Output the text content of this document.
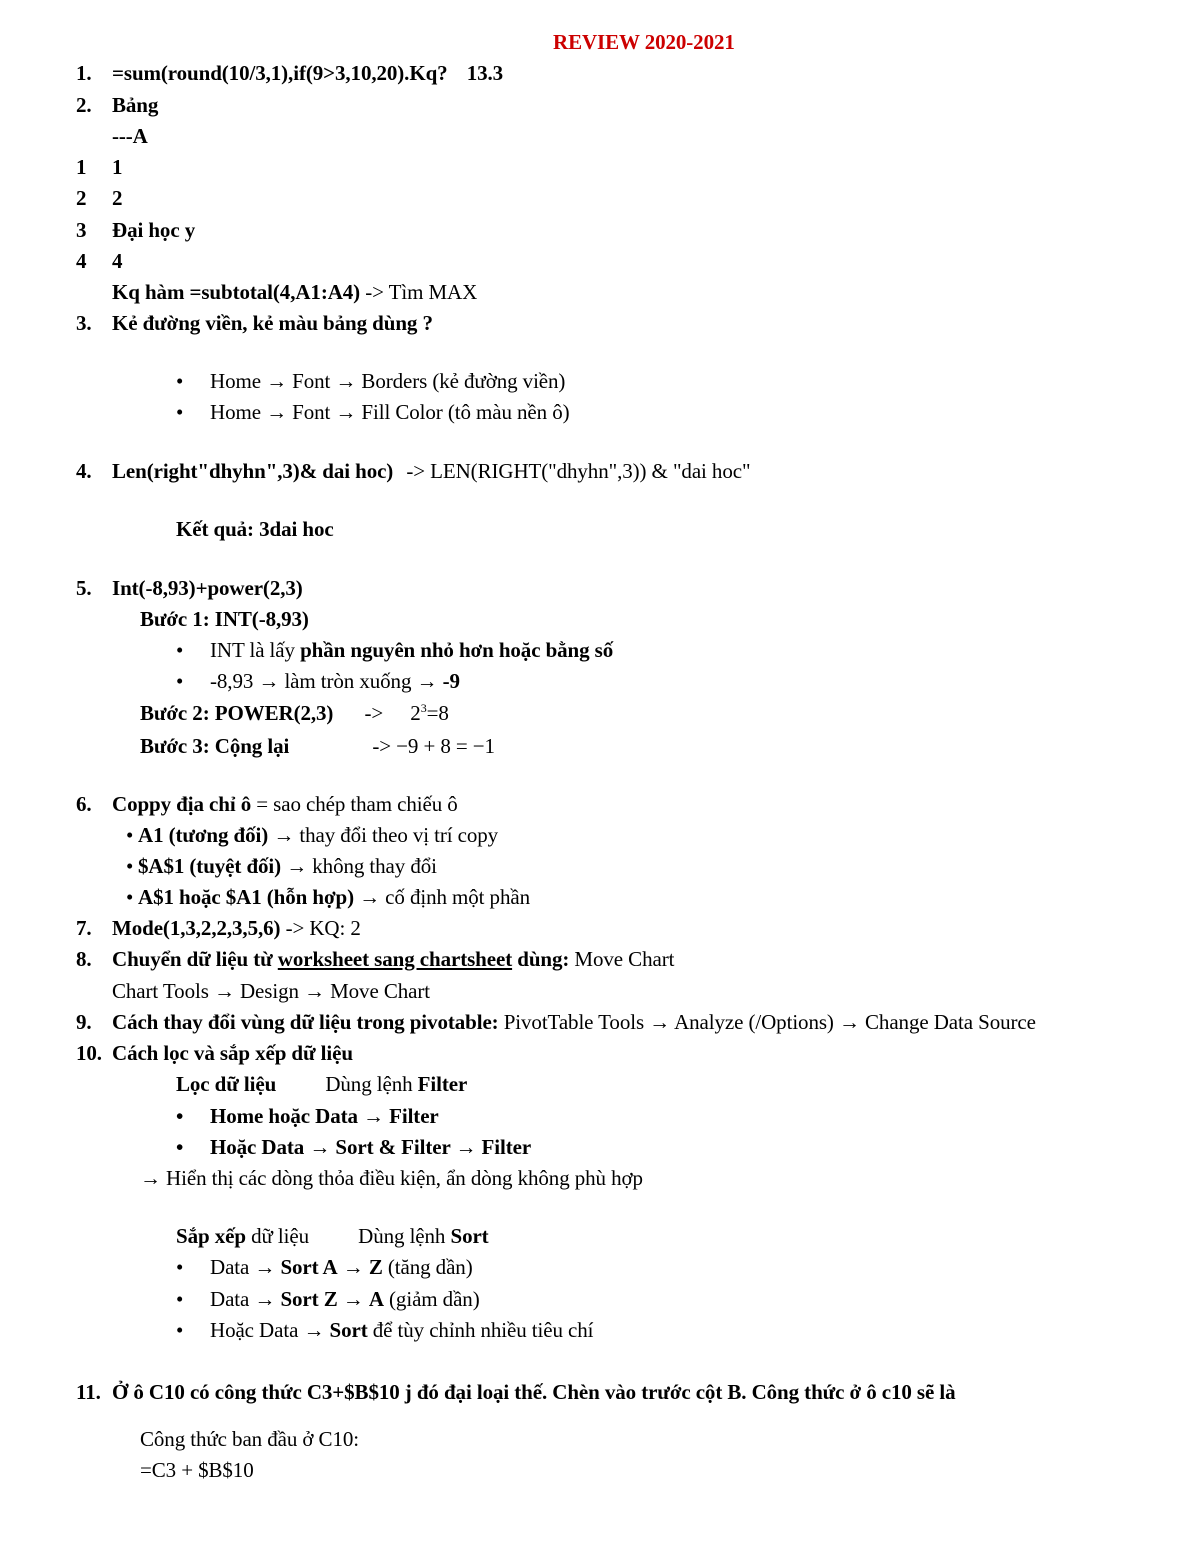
REVIEW 2020-2021
1. =sum(round(10/3,1),if(9>3,10,20).Kq? 13.3
2. Bảng
---A
1 1
2 2
3 Đại học y
4 4
Kq hàm =subtotal(4,A1:A4) -> Tìm MAX
3. Kẻ đường viền, kẻ màu bảng dùng ?
• Home → Font → Borders (kẻ đường viền)
• Home → Font → Fill Color (tô màu nền ô)
4. Len(right"dhyhn",3)& dai hoc) -> LEN(RIGHT("dhyhn",3)) & "dai hoc"
Kết quả: 3dai hoc
5. Int(-8,93)+power(2,3)
Bước 1: INT(-8,93)
• INT là lấy phần nguyên nhỏ hơn hoặc bằng số
• -8,93 → làm tròn xuống → -9
Bước 2: POWER(2,3) -> $2^3=8$
Bước 3: Cộng lại	-> −9 + 8 = −1
6. Coppy địa chỉ ô = sao chép tham chiếu ô
• A1 (tương đối) → thay đổi theo vị trí copy
• $A$1 (tuyệt đối) → không thay đổi
• A$1 hoặc $A1 (hỗn hợp) → cố định một phần
7. Mode(1,3,2,2,3,5,6) -> KQ: 2
8. Chuyển dữ liệu từ worksheet sang chartsheet dùng: Move Chart
Chart Tools → Design → Move Chart
9. Cách thay đổi vùng dữ liệu trong pivotable: PivotTable Tools → Analyze (/Options) → Change Data Source
10. Cách lọc và sắp xếp dữ liệu
Lọc dữ liệu Dùng lệnh Filter
• Home hoặc Data → Filter
• Hoặc Data → Sort & Filter → Filter
→ Hiển thị các dòng thỏa điều kiện, ẩn dòng không phù hợp
Sắp xếp dữ liệu Dùng lệnh Sort
• Data → Sort A → Z (tăng dần)
• Data → Sort Z → A (giảm dần)
• Hoặc Data → Sort để tùy chỉnh nhiều tiêu chí
11. Ở ô C10 có công thức C3+$B$10 j đó đại loại thế. Chèn vào trước cột B. Công thức ở ô c10 sẽ là
Công thức ban đầu ở C10:
=C3 + $B$10
